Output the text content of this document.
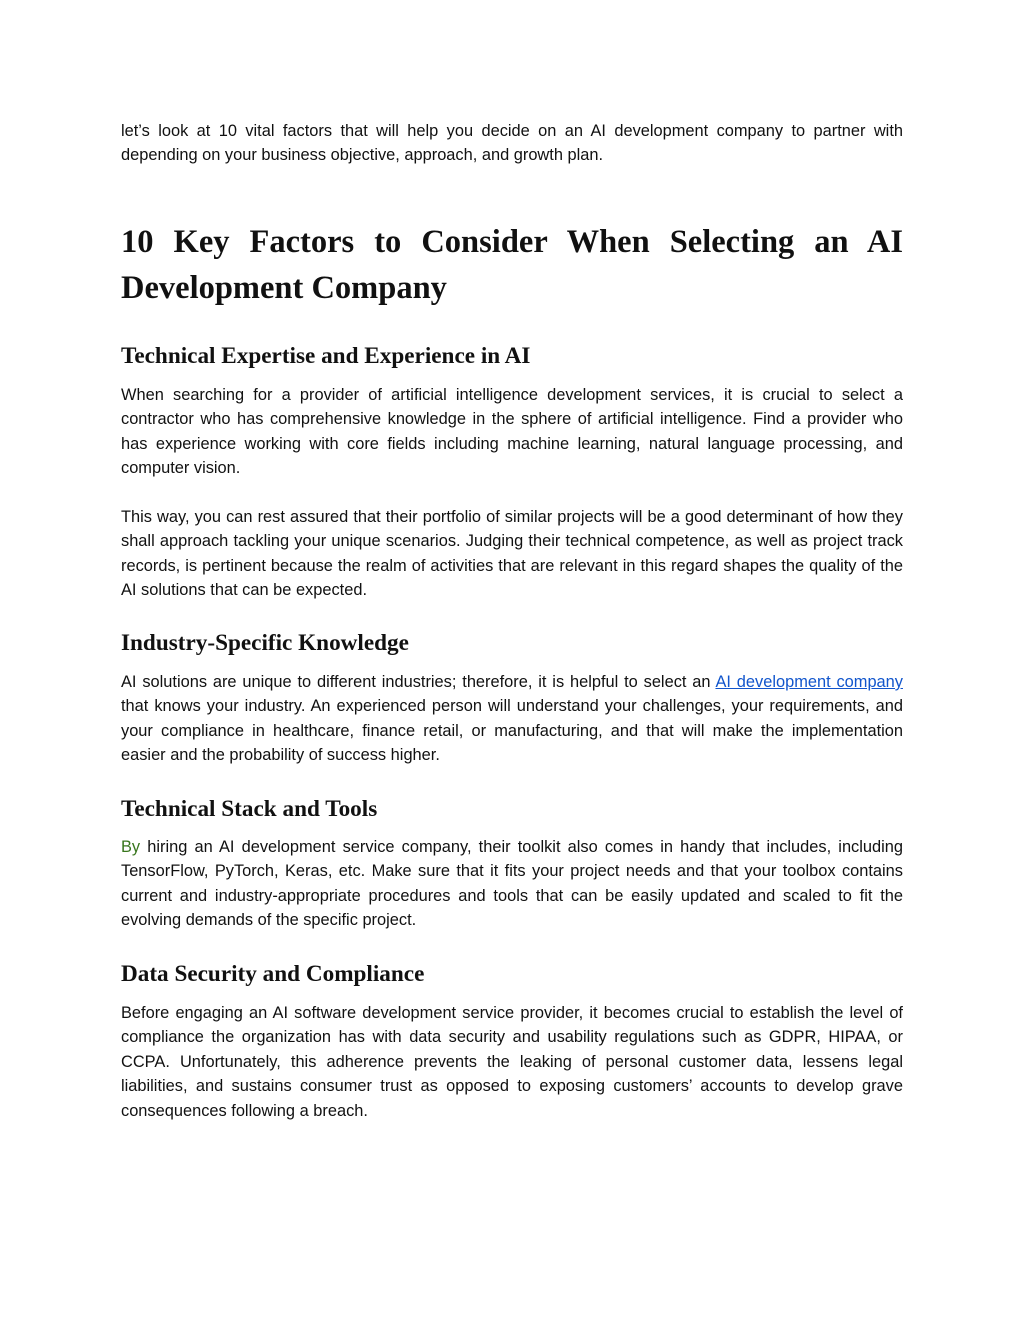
let’s look at 10 vital factors that will help you decide on an AI development company to partner with depending on your business objective, approach, and growth plan.

10 Key Factors to Consider When Selecting an AI Development Company
Technical Expertise and Experience in AI

When searching for a provider of artificial intelligence development services, it is crucial to select a contractor who has comprehensive knowledge in the sphere of artificial intelligence. Find a provider who has experience working with core fields including machine learning, natural language processing, and computer vision.

This way, you can rest assured that their portfolio of similar projects will be a good determinant of how they shall approach tackling your unique scenarios. Judging their technical competence, as well as project track records, is pertinent because the realm of activities that are relevant in this regard shapes the quality of the AI solutions that can be expected.

Industry-Specific Knowledge

AI solutions are unique to different industries; therefore, it is helpful to select an AI development company that knows your industry. An experienced person will understand your challenges, your requirements, and your compliance in healthcare, finance retail, or manufacturing, and that will make the implementation easier and the probability of success higher.

Technical Stack and Tools

By hiring an AI development service company, their toolkit also comes in handy that includes, including TensorFlow, PyTorch, Keras, etc. Make sure that it fits your project needs and that your toolbox contains current and industry-appropriate procedures and tools that can be easily updated and scaled to fit the evolving demands of the specific project.

Data Security and Compliance

Before engaging an AI software development service provider, it becomes crucial to establish the level of compliance the organization has with data security and usability regulations such as GDPR, HIPAA, or CCPA. Unfortunately, this adherence prevents the leaking of personal customer data, lessens legal liabilities, and sustains consumer trust as opposed to exposing customers’ accounts to develop grave consequences following a breach.
